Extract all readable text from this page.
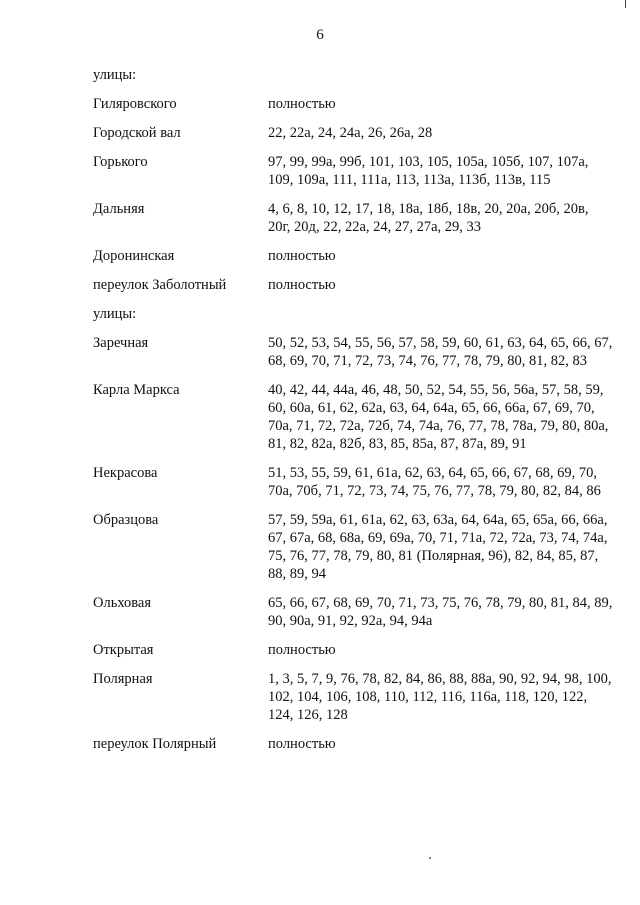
6
улицы:
Гиляровского	полностью
Городской вал	22, 22а, 24, 24а, 26, 26а, 28
Горького	97, 99, 99а, 99б, 101, 103, 105, 105а, 105б, 107, 107а, 109, 109а, 111, 111а, 113, 113а, 113б, 113в, 115
Дальняя	4, 6, 8, 10, 12, 17, 18, 18а, 18б, 18в, 20, 20а, 20б, 20в, 20г, 20д, 22, 22а, 24, 27, 27а, 29, 33
Доронинская	полностью
переулок Заболотный	полностью
улицы:
Заречная	50, 52, 53, 54, 55, 56, 57, 58, 59, 60, 61, 63, 64, 65, 66, 67, 68, 69, 70, 71, 72, 73, 74, 76, 77, 78, 79, 80, 81, 82, 83
Карла Маркса	40, 42, 44, 44а, 46, 48, 50, 52, 54, 55, 56, 56а, 57, 58, 59, 60, 60а, 61, 62, 62а, 63, 64, 64а, 65, 66, 66а, 67, 69, 70, 70а, 71, 72, 72а, 72б, 74, 74а, 76, 77, 78, 78а, 79, 80, 80а, 81, 82, 82а, 82б, 83, 85, 85а, 87, 87а, 89, 91
Некрасова	51, 53, 55, 59, 61, 61а, 62, 63, 64, 65, 66, 67, 68, 69, 70, 70а, 70б, 71, 72, 73, 74, 75, 76, 77, 78, 79, 80, 82, 84, 86
Образцова	57, 59, 59а, 61, 61а, 62, 63, 63а, 64, 64а, 65, 65а, 66, 66а, 67, 67а, 68, 68а, 69, 69а, 70, 71, 71а, 72, 72а, 73, 74, 74а, 75, 76, 77, 78, 79, 80, 81 (Полярная, 96), 82, 84, 85, 87, 88, 89, 94
Ольховая	65, 66, 67, 68, 69, 70, 71, 73, 75, 76, 78, 79, 80, 81, 84, 89, 90, 90а, 91, 92, 92а, 94, 94а
Открытая	полностью
Полярная	1, 3, 5, 7, 9, 76, 78, 82, 84, 86, 88, 88а, 90, 92, 94, 98, 100, 102, 104, 106, 108, 110, 112, 116, 116а, 118, 120, 122, 124, 126, 128
переулок Полярный	полностью
